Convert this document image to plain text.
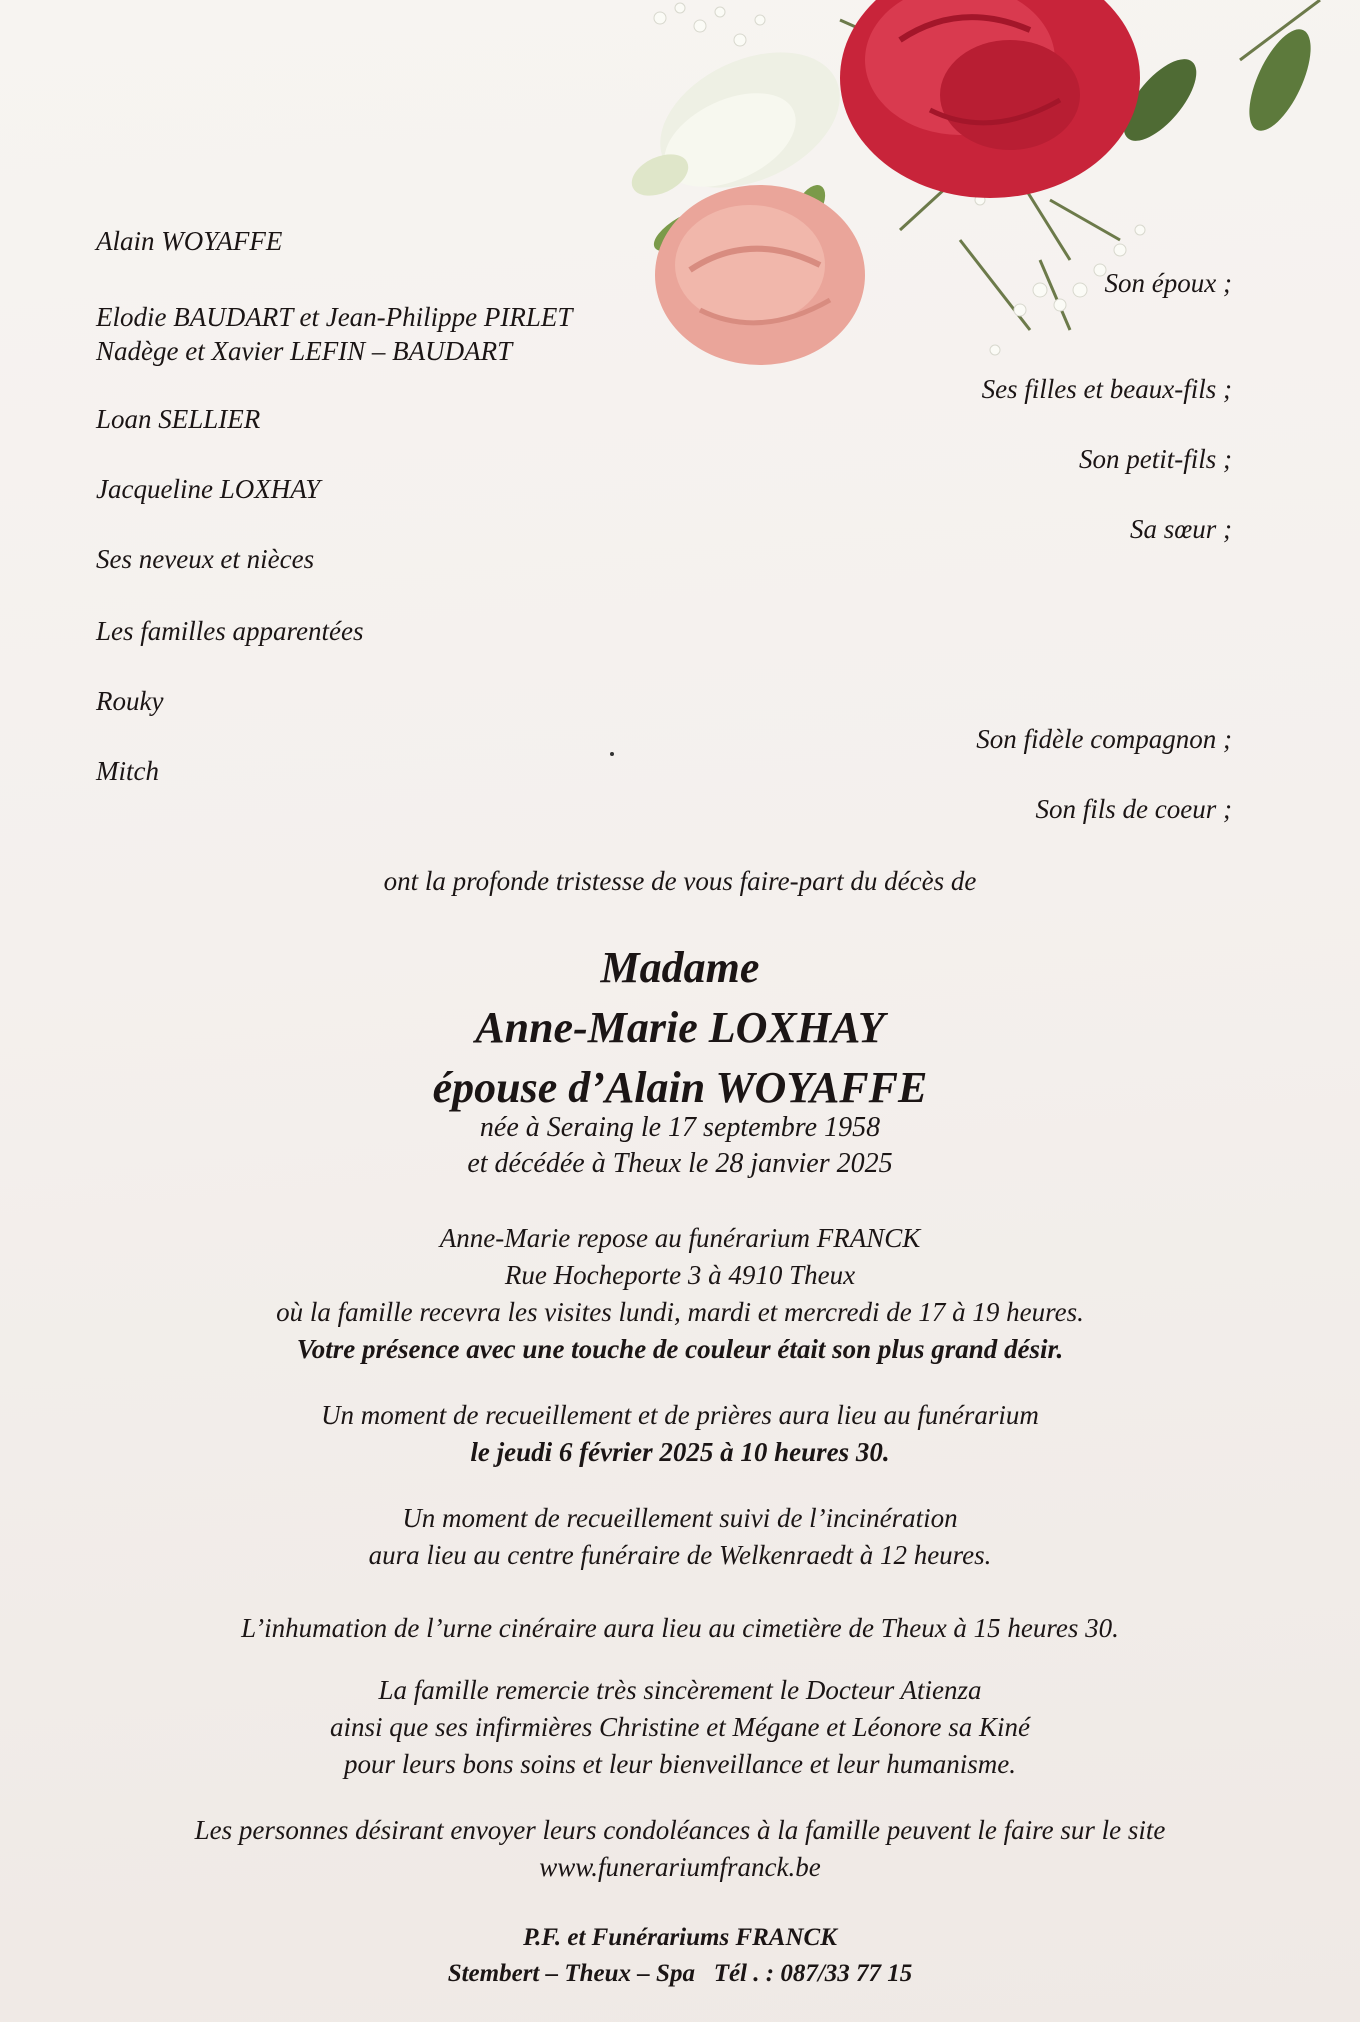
Alain WOYAFFE
Son époux ;
Elodie BAUDART et Jean-Philippe PIRLET
Nadège et Xavier LEFIN – BAUDART
Ses filles et beaux-fils ;
Loan SELLIER
Son petit-fils ;
Jacqueline LOXHAY
Sa sœur ;
Ses neveux et nièces
Les familles apparentées
Rouky
Son fidèle compagnon ;
Mitch
Son fils de coeur ;
ont la profonde tristesse de vous faire-part du décès de
Madame
Anne-Marie LOXHAY
épouse d’Alain WOYAFFE
née à Seraing le 17 septembre 1958
et décédée à Theux le 28 janvier 2025
Anne-Marie repose au funérarium FRANCK
Rue Hocheporte 3 à 4910 Theux
où la famille recevra les visites lundi, mardi et mercredi de 17 à 19 heures.
Votre présence avec une touche de couleur était son plus grand désir.
Un moment de recueillement et de prières aura lieu au funérarium
le jeudi 6 février 2025 à 10 heures 30.
Un moment de recueillement suivi de l’incinération
aura lieu au centre funéraire de Welkenraedt à 12 heures.
L’inhumation de l’urne cinéraire aura lieu au cimetière de Theux à 15 heures 30.
La famille remercie très sincèrement le Docteur Atienza
ainsi que ses infirmières Christine et Mégane et Léonore sa Kiné
pour leurs bons soins et leur bienveillance et leur humanisme.
Les personnes désirant envoyer leurs condoléances à la famille peuvent le faire sur le site
www.funerariumfranck.be
P.F. et Funérariums FRANCK
Stembert – Theux – Spa   Tél . : 087/33 77 15
